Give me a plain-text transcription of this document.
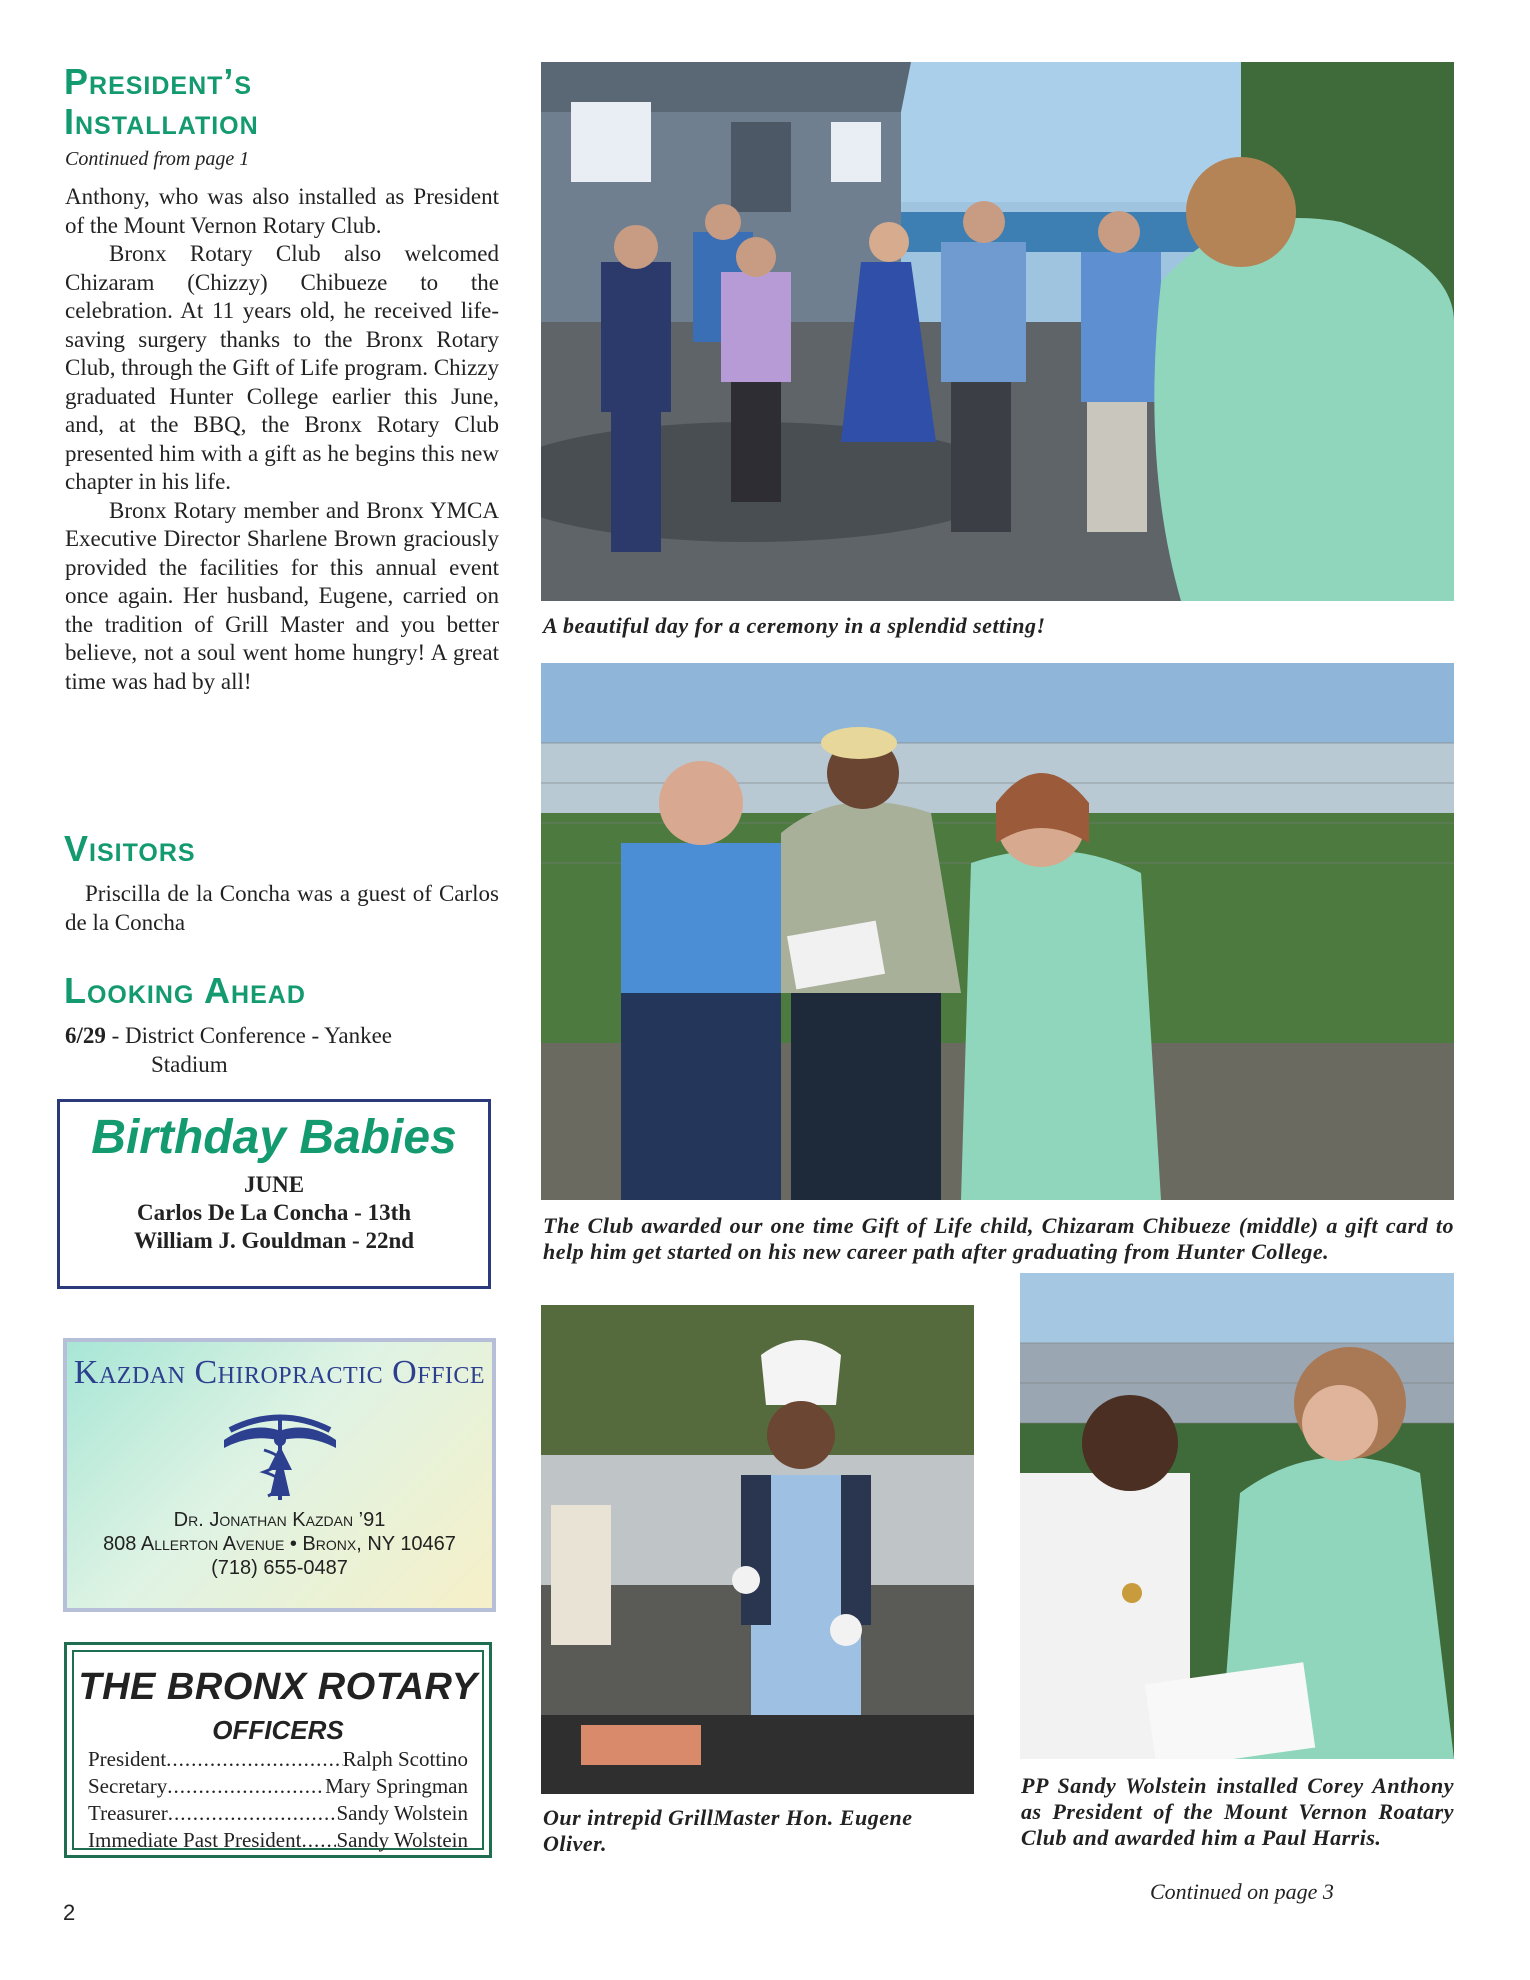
President’s
Installation
Continued from page 1

Anthony, who was also installed as President of the Mount Vernon Rotary Club.

Bronx Rotary Club also welcomed Chizaram (Chizzy) Chibueze to the celebration. At 11 years old, he received life-saving surgery thanks to the Bronx Rotary Club, through the Gift of Life program. Chizzy graduated Hunter College earlier this June, and, at the BBQ, the Bronx Rotary Club presented him with a gift as he begins this new chapter in his life.

Bronx Rotary member and Bronx YMCA Executive Director Sharlene Brown graciously provided the facilities for this annual event once again. Her husband, Eugene, carried on the tradition of Grill Master and you better believe, not a soul went home hungry! A great time was had by all!

Visitors
Priscilla de la Concha was a guest of Carlos de la Concha
Looking Ahead
6/29 - District Conference - Yankee
Stadium
Birthday Babies
JUNE
Carlos De La Concha - 13th
William J. Gouldman - 22nd
Kazdan Chiropractic Office
Dr. Jonathan Kazdan ’91
808 Allerton Avenue • Bronx, NY 10467
(718) 655-0487
THE BRONX ROTARY
OFFICERS
President .....	Ralph Scottino
Secretary .....	Mary Springman
Treasurer .....	Sandy Wolstein
Immediate Past President ..... Sandy Wolstein
2
A beautiful day for a ceremony in a splendid setting!
The Club awarded our one time Gift of Life child, Chizaram Chibueze (middle) a gift card to help him get started on his new career path after graduating from Hunter College.
Our intrepid GrillMaster Hon. Eugene Oliver.
PP Sandy Wolstein installed Corey Anthony as President of the Mount Vernon Roatary Club and awarded him a Paul Harris.
Continued on page 3
